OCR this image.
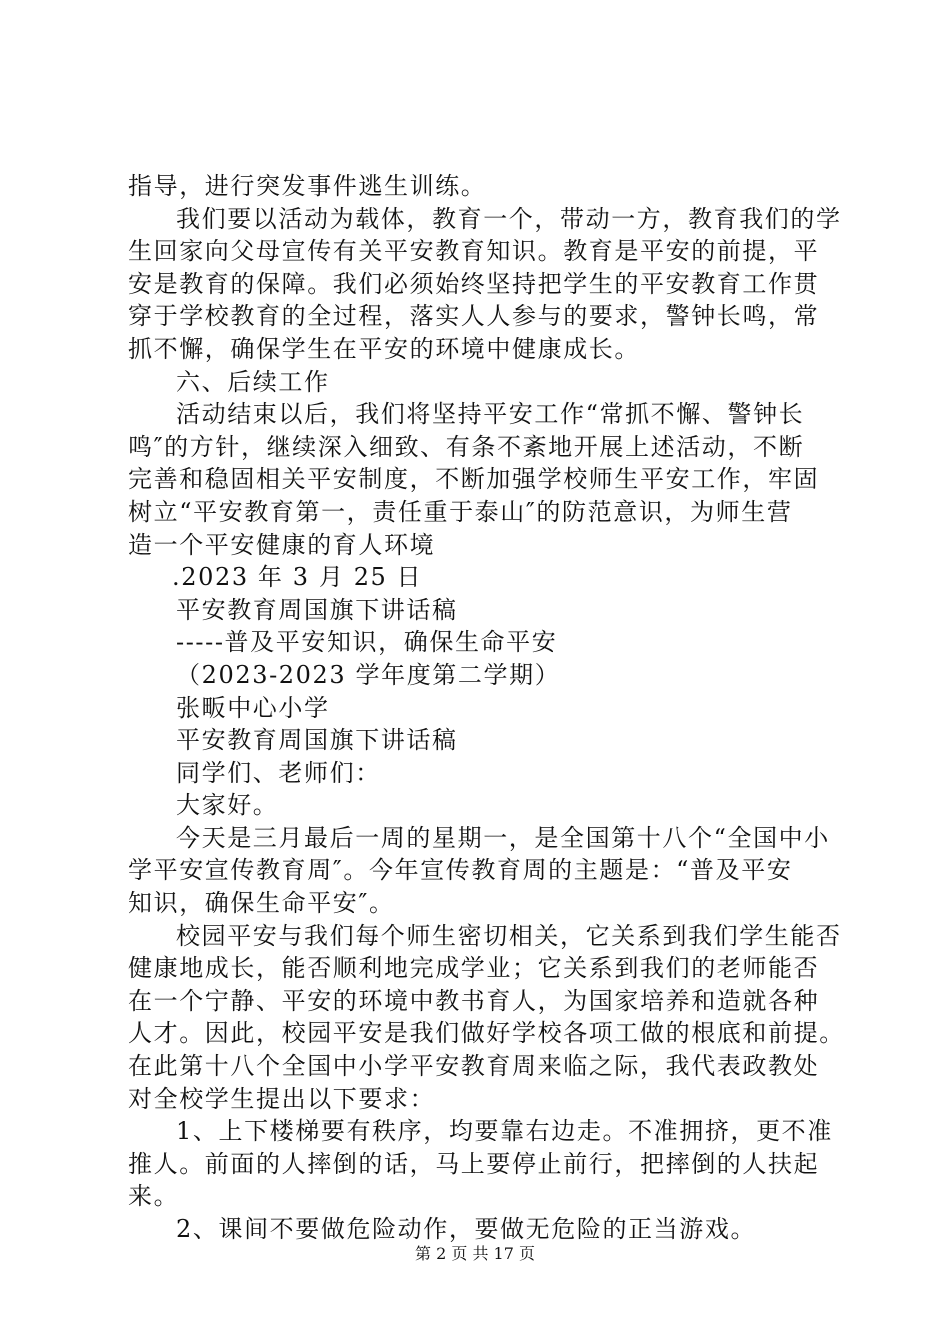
指导，进行突发事件逃生训练。
我们要以活动为载体，教育一个，带动一方，教育我们的学
生回家向父母宣传有关平安教育知识。教育是平安的前提，平
安是教育的保障。我们必须始终坚持把学生的平安教育工作贯
穿于学校教育的全过程，落实人人参与的要求，警钟长鸣，常
抓不懈，确保学生在平安的环境中健康成长。
六、后续工作
活动结束以后，我们将坚持平安工作“常抓不懈、警钟长
鸣″的方针，继续深入细致、有条不紊地开展上述活动，不断
完善和稳固相关平安制度，不断加强学校师生平安工作，牢固
树立“平安教育第一，责任重于泰山″的防范意识，为师生营
造一个平安健康的育人环境
.2023 年 3 月 25 日
平安教育周国旗下讲话稿
-----普及平安知识，确保生命平安
（2023-2023 学年度第二学期）
张畈中心小学
平安教育周国旗下讲话稿
同学们、老师们：
大家好。
今天是三月最后一周的星期一，是全国第十八个“全国中小
学平安宣传教育周″。今年宣传教育周的主题是：“普及平安
知识，确保生命平安″。
校园平安与我们每个师生密切相关，它关系到我们学生能否
健康地成长，能否顺利地完成学业；它关系到我们的老师能否
在一个宁静、平安的环境中教书育人，为国家培养和造就各种
人才。因此，校园平安是我们做好学校各项工做的根底和前提。
在此第十八个全国中小学平安教育周来临之际，我代表政教处
对全校学生提出以下要求：
1、上下楼梯要有秩序，均要靠右边走。不准拥挤，更不准
推人。前面的人摔倒的话，马上要停止前行，把摔倒的人扶起
来。
2、课间不要做危险动作，要做无危险的正当游戏。
第 2 页 共 17 页
